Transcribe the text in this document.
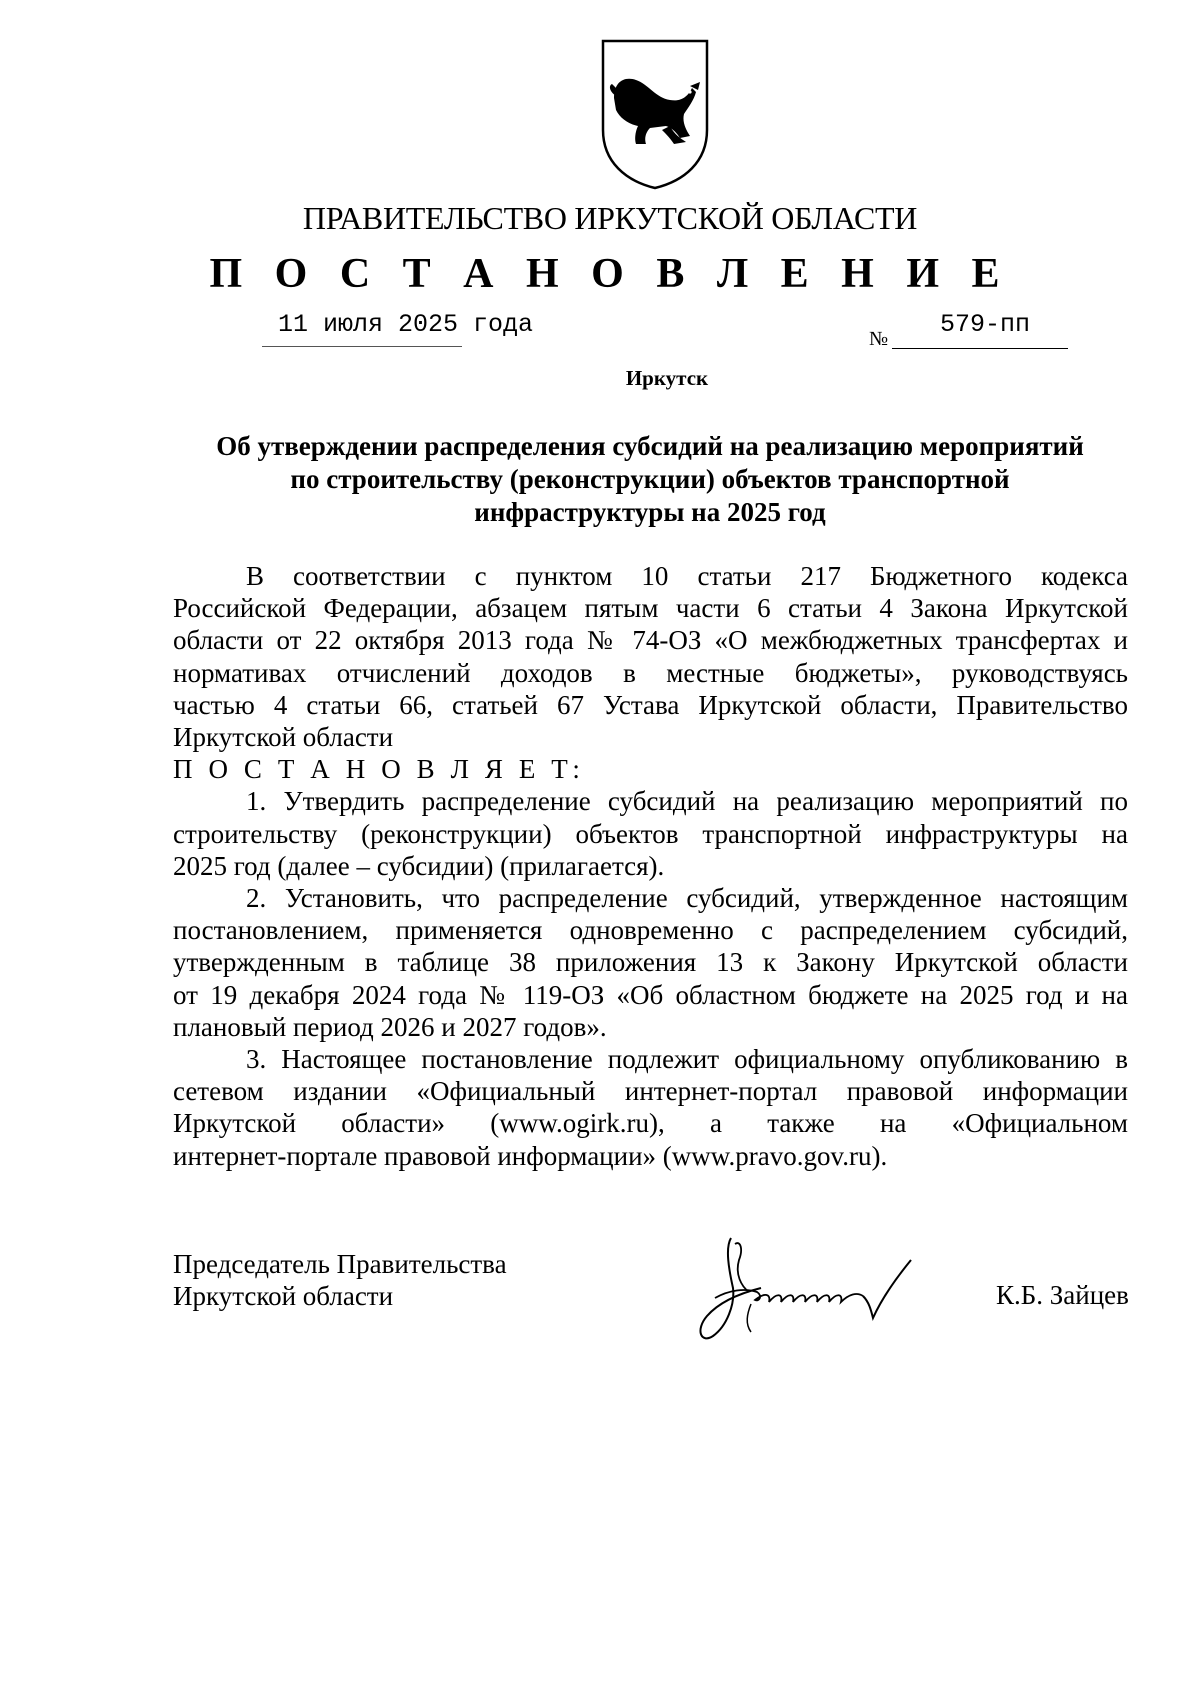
ПРАВИТЕЛЬСТВО ИРКУТСКОЙ ОБЛАСТИ
П О С Т А Н О В Л Е Н И Е
11 июля 2025 года	№ 579-пп
Иркутск
Об утверждении распределения субсидий на реализацию мероприятий
по строительству (реконструкции) объектов транспортной
инфраструктуры на 2025 год
В соответствии с пунктом 10 статьи 217 Бюджетного кодекса
Российской Федерации, абзацем пятым части 6 статьи 4 Закона Иркутской
области от 22 октября 2013 года № 74-ОЗ «О межбюджетных трансфертах и
нормативах отчислений доходов в местные бюджеты», руководствуясь
частью 4 статьи 66, статьей 67 Устава Иркутской области, Правительство
Иркутской области
П О С Т А Н О В Л Я Е Т:
1. Утвердить распределение субсидий на реализацию мероприятий по
строительству (реконструкции) объектов транспортной инфраструктуры на
2025 год (далее – субсидии) (прилагается).
2. Установить, что распределение субсидий, утвержденное настоящим
постановлением, применяется одновременно с распределением субсидий,
утвержденным в таблице 38 приложения 13 к Закону Иркутской области
от 19 декабря 2024 года № 119-ОЗ «Об областном бюджете на 2025 год и на
плановый период 2026 и 2027 годов».
3. Настоящее постановление подлежит официальному опубликованию в
сетевом издании «Официальный интернет-портал правовой информации
Иркутской области» (www.ogirk.ru), а также на «Официальном
интернет-портале правовой информации» (www.pravo.gov.ru).
Председатель Правительства
Иркутской области	К.Б. Зайцев
